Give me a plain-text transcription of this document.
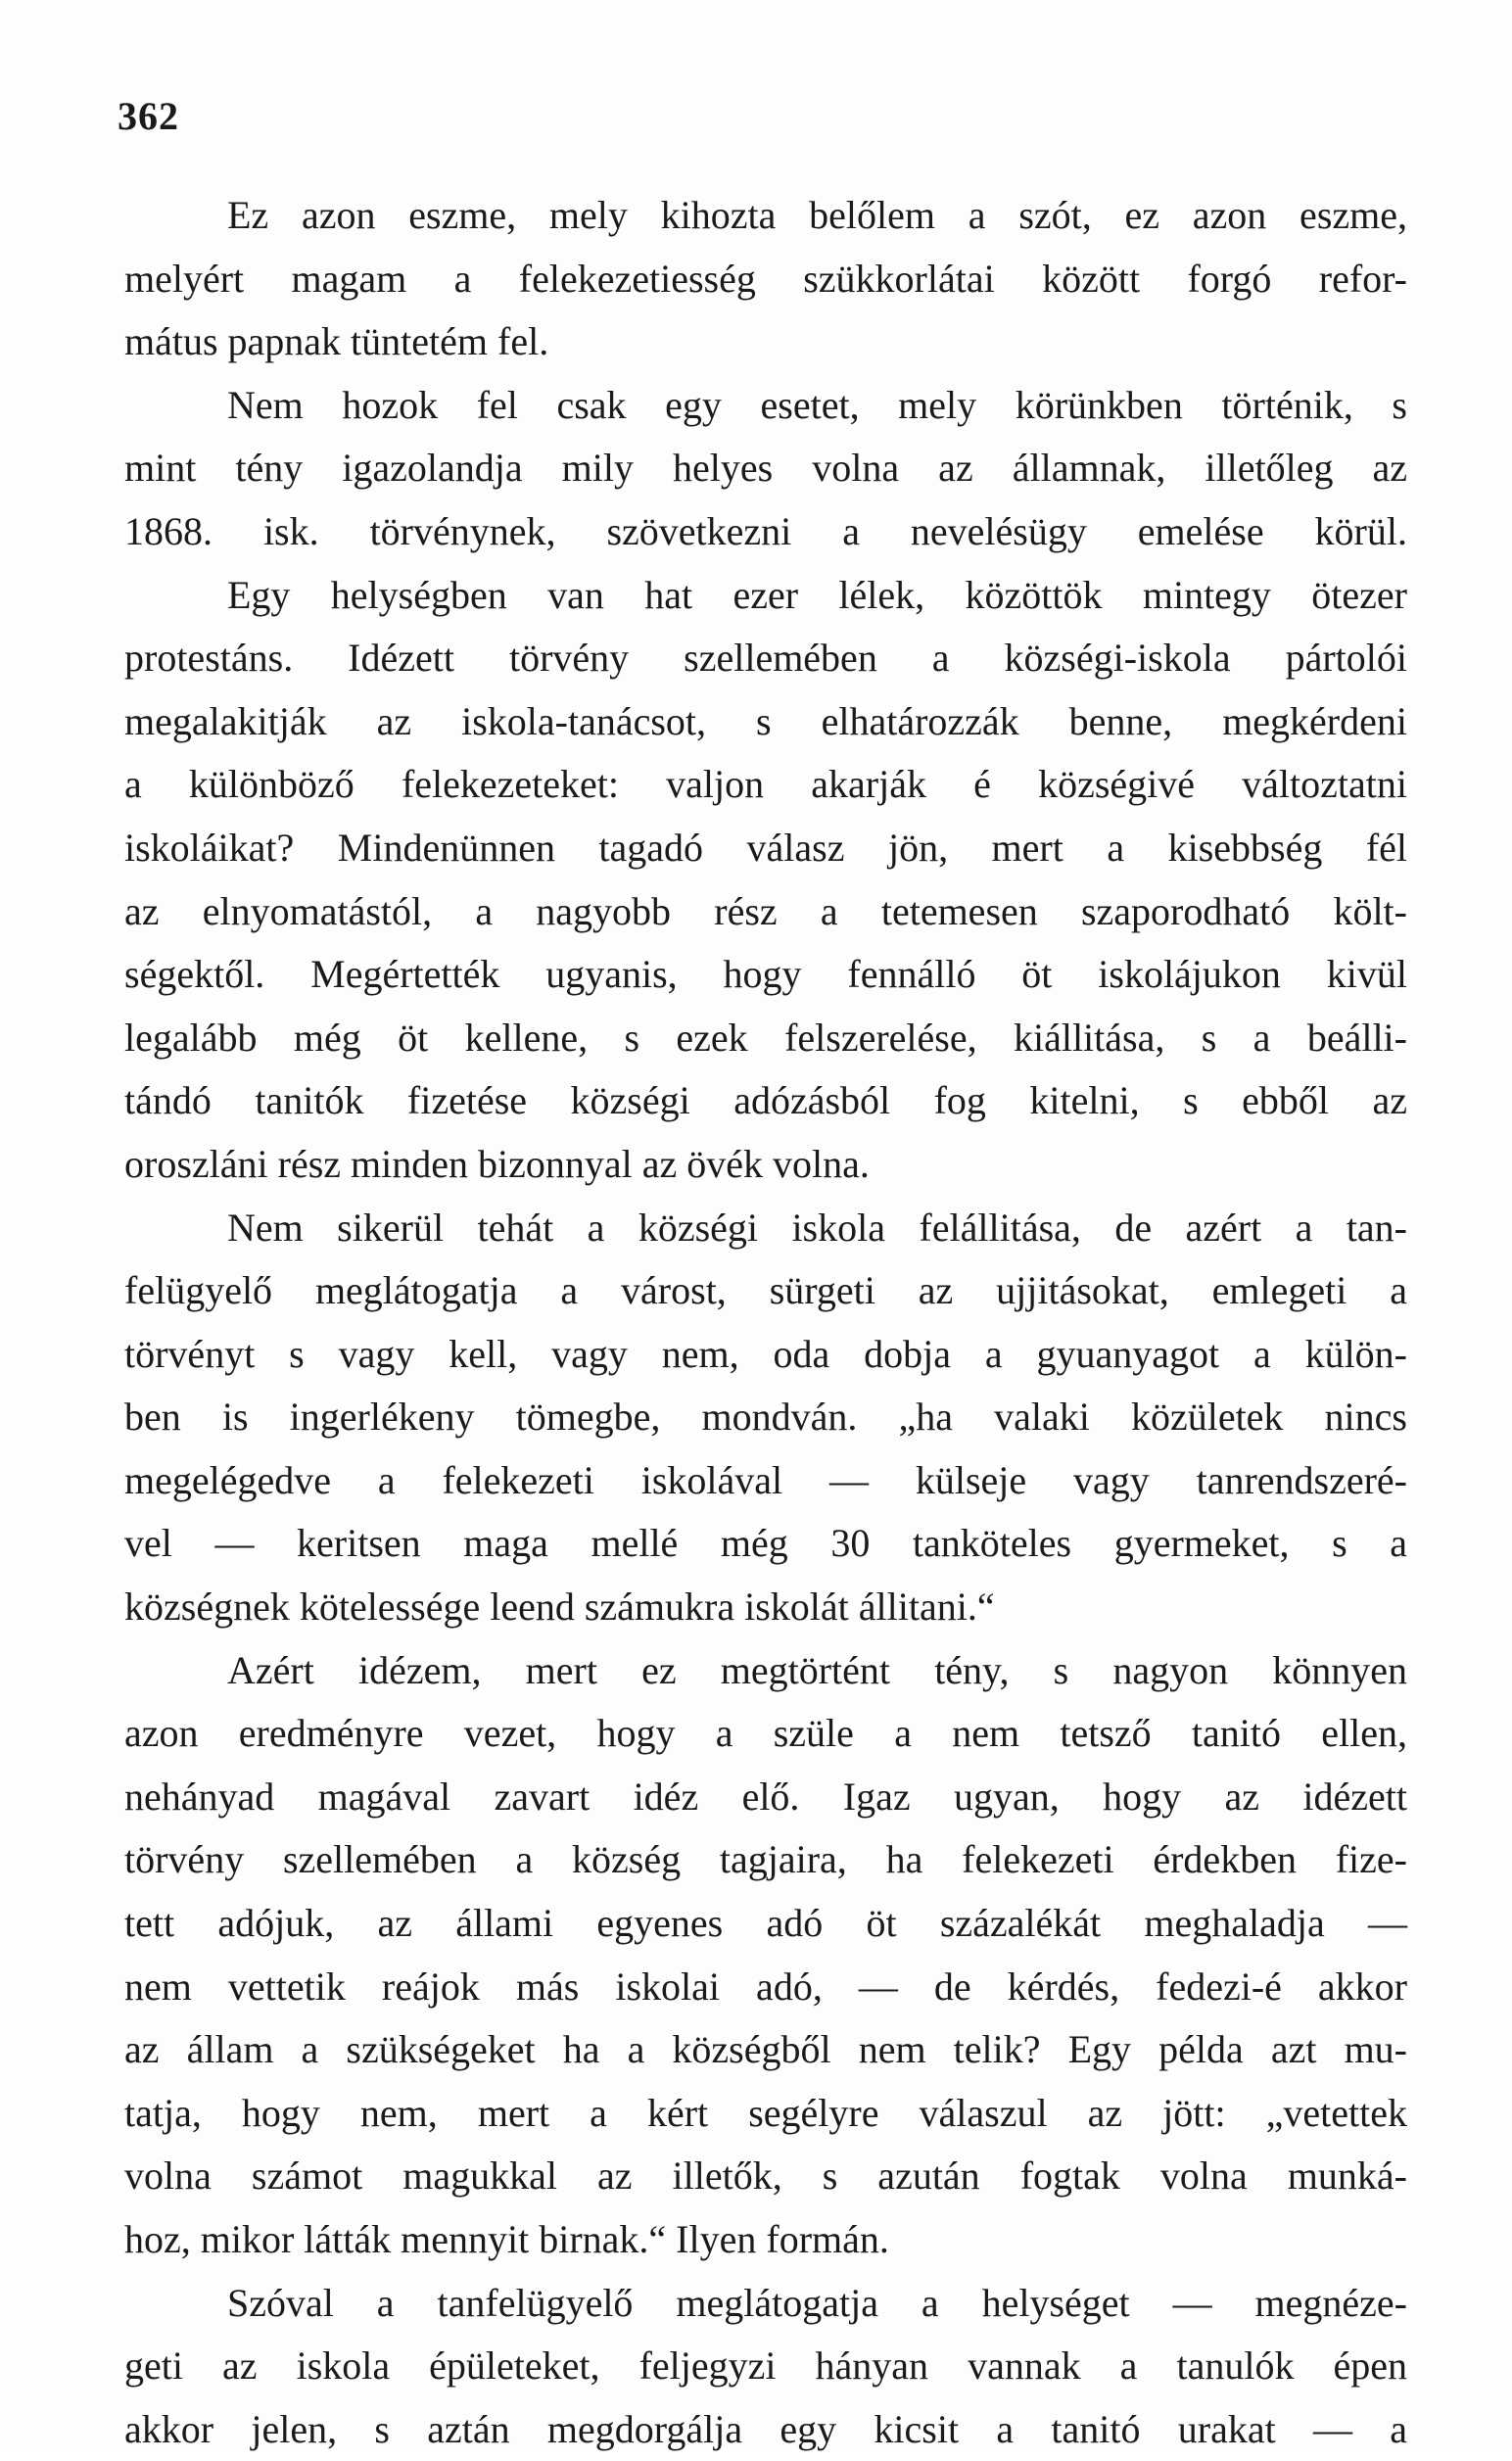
362
Ez azon eszme, mely kihozta belőlem a szót, ez azon eszme,
melyért magam a felekezetiesség szükkorlátai között forgó refor-
mátus papnak tüntetém fel.
Nem hozok fel csak egy esetet, mely körünkben történik, s
mint tény igazolandja mily helyes volna az államnak, illetőleg az
1868. isk. törvénynek, szövetkezni a nevelésügy emelése körül.
Egy helységben van hat ezer lélek, közöttök mintegy ötezer
protestáns. Idézett törvény szellemében a községi-iskola pártolói
megalakitják az iskola-tanácsot, s elhatározzák benne, megkérdeni
a különböző felekezeteket: valjon akarják é községivé változtatni
iskoláikat? Mindenünnen tagadó válasz jön, mert a kisebbség fél
az elnyomatástól, a nagyobb rész a tetemesen szaporodható költ-
ségektől. Megértették ugyanis, hogy fennálló öt iskolájukon kivül
legalább még öt kellene, s ezek felszerelése, kiállitása, s a beálli-
tándó tanitók fizetése községi adózásból fog kitelni, s ebből az
oroszláni rész minden bizonnyal az övék volna.
Nem sikerül tehát a községi iskola felállitása, de azért a tan-
felügyelő meglátogatja a várost, sürgeti az ujjitásokat, emlegeti a
törvényt s vagy kell, vagy nem, oda dobja a gyuanyagot a külön-
ben is ingerlékeny tömegbe, mondván. „ha valaki közületek nincs
megelégedve a felekezeti iskolával — külseje vagy tanrendszeré-
vel — keritsen maga mellé még 30 tanköteles gyermeket, s a
községnek kötelessége leend számukra iskolát állitani.“
Azért idézem, mert ez megtörtént tény, s nagyon könnyen
azon eredményre vezet, hogy a szüle a nem tetsző tanitó ellen,
nehányad magával zavart idéz elő. Igaz ugyan, hogy az idézett
törvény szellemében a község tagjaira, ha felekezeti érdekben fize-
tett adójuk, az állami egyenes adó öt százalékát meghaladja —
nem vettetik reájok más iskolai adó, — de kérdés, fedezi-é akkor
az állam a szükségeket ha a községből nem telik? Egy példa azt mu-
tatja, hogy nem, mert a kért segélyre válaszul az jött: „vetettek
volna számot magukkal az illetők, s azután fogtak volna munká-
hoz, mikor látták mennyit birnak.“ Ilyen formán.
Szóval a tanfelügyelő meglátogatja a helységet — megnéze-
geti az iskola épületeket, feljegyzi hányan vannak a tanulók épen
akkor jelen, s aztán megdorgálja egy kicsit a tanitó urakat — a
